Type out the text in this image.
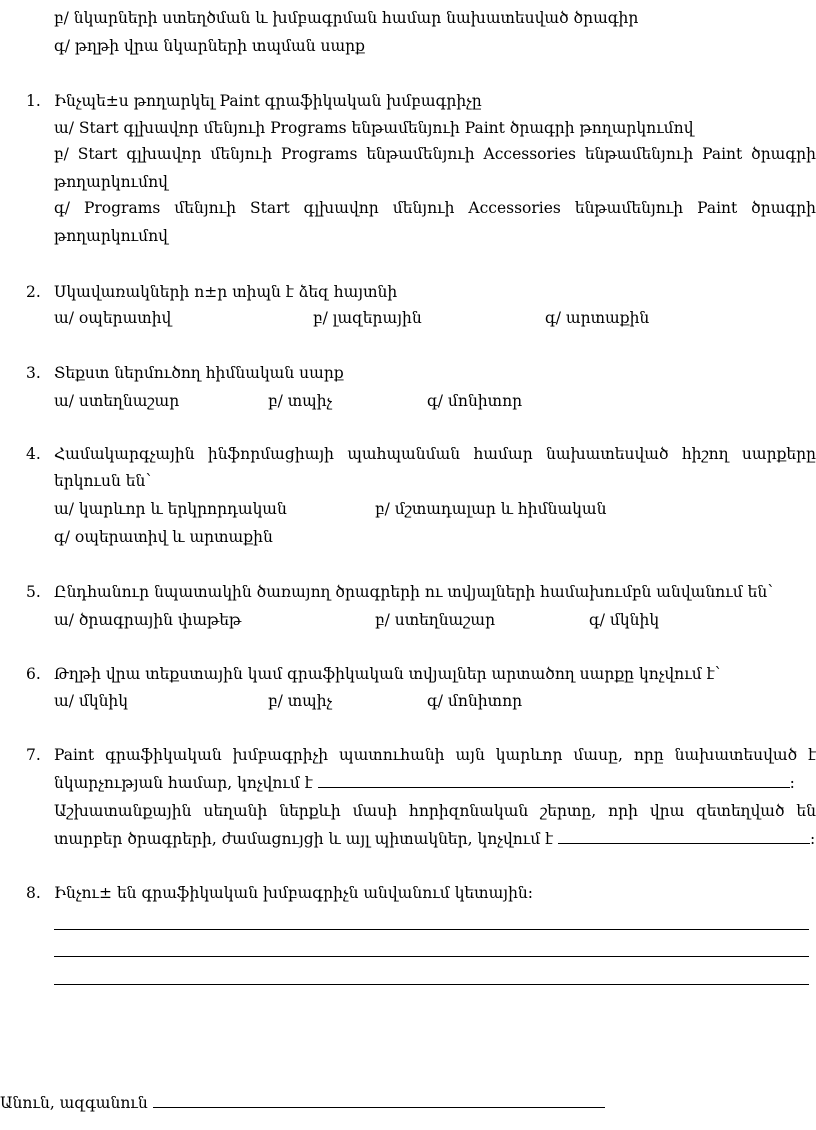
բ/ նկարների ստեղծման և խմբագրման համար նախատեսված ծրագիր
գ/ թղթի վրա նկարների տպման սարք
1. Ինչպե±ս թողարկել Paint գրաֆիկական խմբագրիչը
ա/ Start գլխավոր մենյուի Programs ենթամենյուի Paint ծրագրի թողարկումով
բ/ Start գլխավոր մենյուի Programs ենթամենյուի Accessories ենթամենյուի Paint ծրագրի
թողարկումով
գ/ Programs մենյուի Start գլխավոր մենյուի Accessories ենթամենյուի Paint ծրագրի
թողարկումով
2. Սկավառակների ո±ր տիպն է ձեզ հայտնի
ա/ օպերատիվ	բ/ լազերային	գ/ արտաքին
3. Տեքստ ներմուծող հիմնական սարք
ա/ ստեղնաշար	բ/ տպիչ	գ/ մոնիտոր
4. Համակարգչային ինֆորմացիայի պահպանման համար նախատեսված հիշող սարքերը
երկուսն են՝
ա/ կարևոր և երկրորդական	բ/ մշտադալար և հիմնական
գ/ օպերատիվ և արտաքին
5. Ընդհանուր նպատակին ծառայող ծրագրերի ու տվյալների համախումբն անվանում են՝
ա/ ծրագրային փաթեթ	բ/ ստեղնաշար	գ/ մկնիկ
6. Թղթի վրա տեքստային կամ գրաֆիկական տվյալներ արտածող սարքը կոչվում է՝
ա/ մկնիկ	բ/ տպիչ	գ/ մոնիտոր
7. Paint գրաֆիկական խմբագրիչի պատուհանի այն կարևոր մասը, որը նախատեսված է
նկարչության համար, կոչվում է	:
Աշխատանքային սեղանի ներքևի մասի հորիզոնական շերտը, որի վրա զետեղված են
տարբեր ծրագրերի, ժամացույցի և այլ պիտակներ, կոչվում է	:
8. Ինչու± են գրաֆիկական խմբագրիչն անվանում կետային:
Անուն, ազգանուն
